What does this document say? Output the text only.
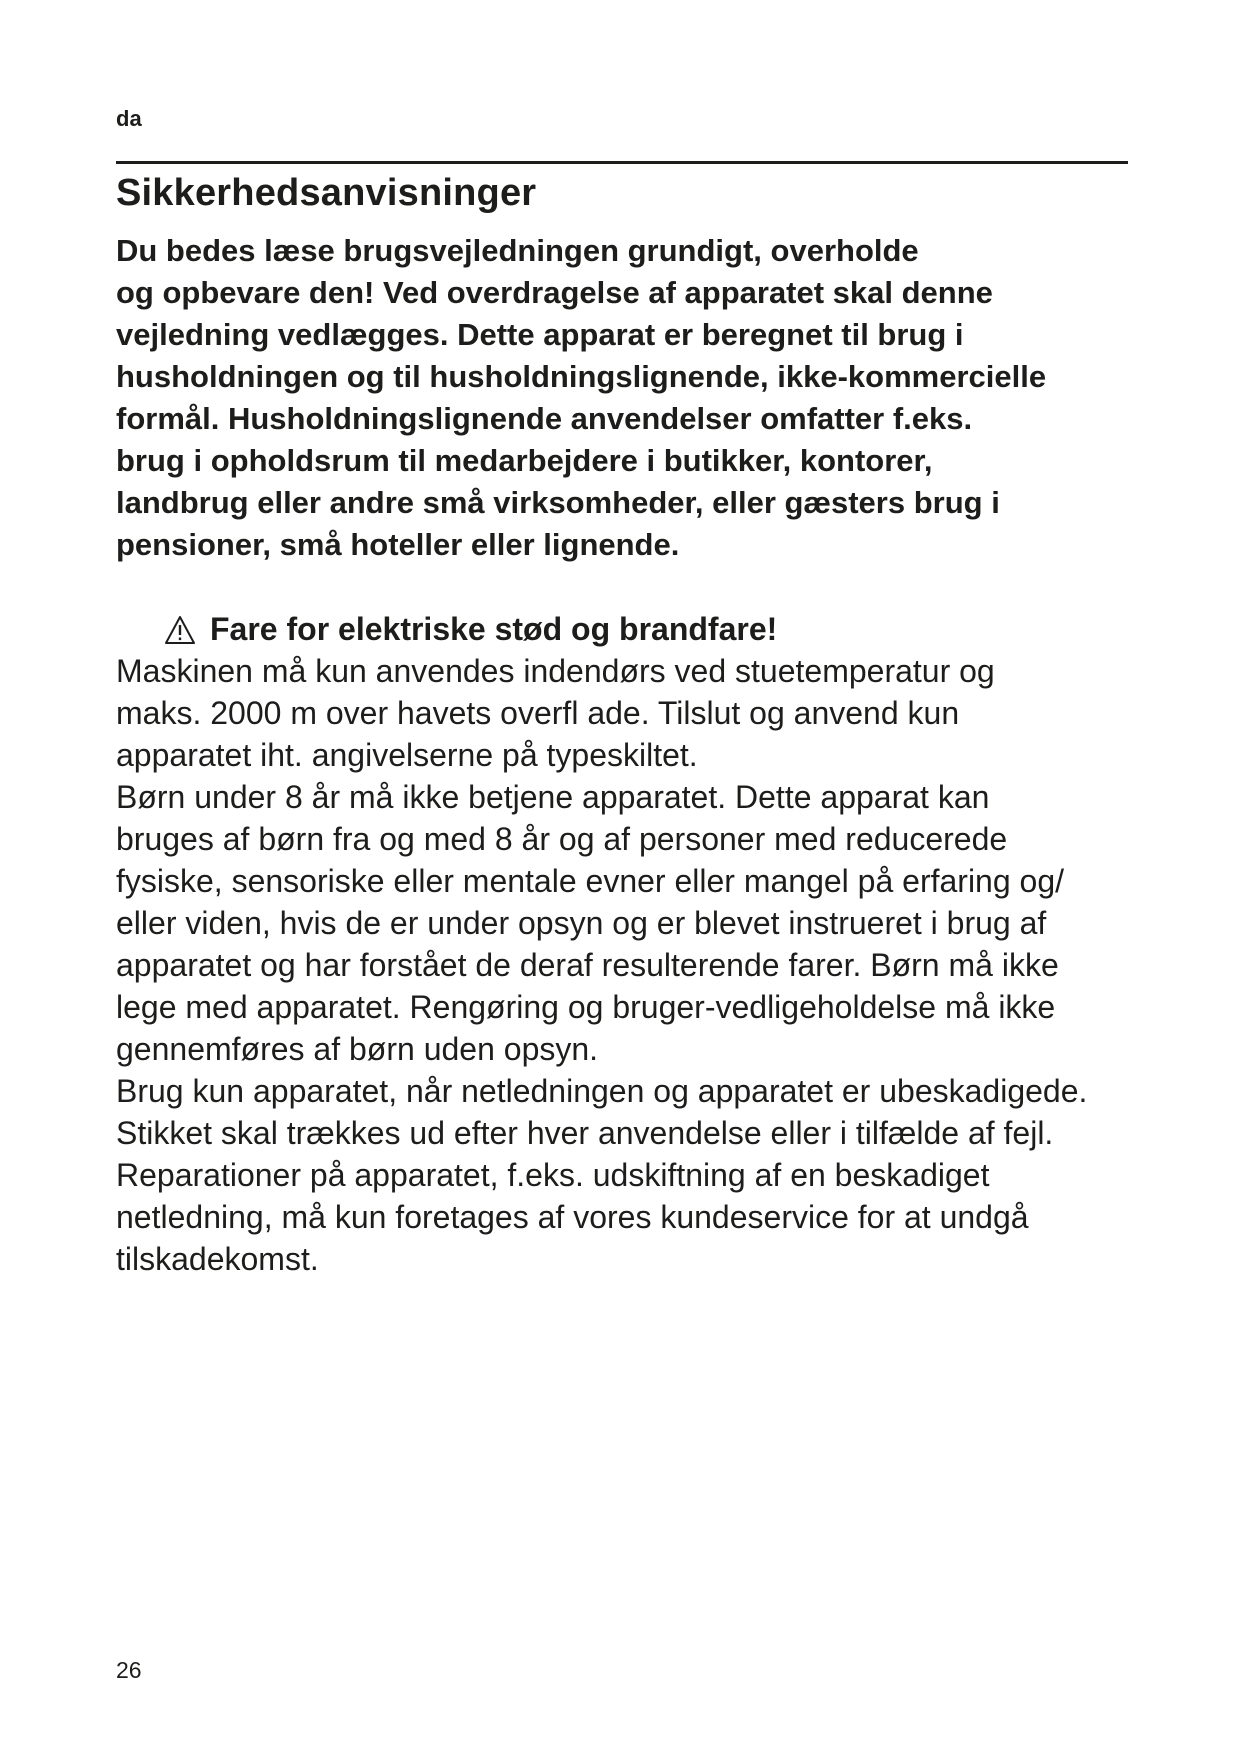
da

Sikkerhedsanvisninger

Du bedes læse brugsvejledningen grundigt, overholde
og opbevare den! Ved overdragelse af apparatet skal denne
vejledning vedlægges. Dette apparat er beregnet til brug i
husholdningen og til husholdningslignende, ikke-kommercielle
formål. Husholdningslignende anvendelser omfatter f.eks.
brug i opholdsrum til medarbejdere i butikker, kontorer,
landbrug eller andre små virksomheder, eller gæsters brug i
pensioner, små hoteller eller lignende.

Fare for elektriske stød og brandfare!

Maskinen må kun anvendes indendørs ved stuetemperatur og
maks. 2000 m over havets overfl ade. Tilslut og anvend kun
apparatet iht. angivelserne på typeskiltet.
Børn under 8 år må ikke betjene apparatet. Dette apparat kan
bruges af børn fra og med 8 år og af personer med reducerede
fysiske, sensoriske eller mentale evner eller mangel på erfaring og/
eller viden, hvis de er under opsyn og er blevet instrueret i brug af
apparatet og har forstået de deraf resulterende farer. Børn må ikke
lege med apparatet. Rengøring og bruger-vedligeholdelse må ikke
gennemføres af børn uden opsyn.
Brug kun apparatet, når netledningen og apparatet er ubeskadigede.
Stikket skal trækkes ud efter hver anvendelse eller i tilfælde af fejl.
Reparationer på apparatet, f.eks. udskiftning af en beskadiget
netledning, må kun foretages af vores kundeservice for at undgå
tilskadekomst.

26
